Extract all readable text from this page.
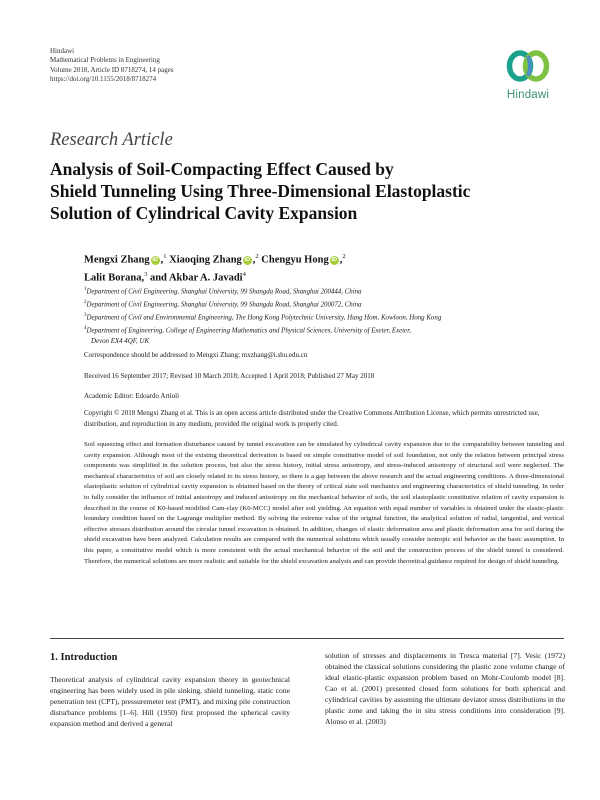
Hindawi
Mathematical Problems in Engineering
Volume 2018, Article ID 8718274, 14 pages
https://doi.org/10.1155/2018/8718274
Hindawi
Research Article
Analysis of Soil-Compacting Effect Caused by
Shield Tunneling Using Three-Dimensional Elastoplastic
Solution of Cylindrical Cavity Expansion
Mengxi Zhang iD ,$^1$ Xiaoqing Zhang iD ,$^2$ Chengyu Hong iD ,$^2$
Lalit Borana,$^3$ and Akbar A. Javadi$^4$
$^1$Department of Civil Engineering, Shanghai University, 99 Shangda Road, Shanghai 200444, China
$^2$Department of Civil Engineering, Shanghai University, 99 Shangda Road, Shanghai 200072, China
$^3$Department of Civil and Environmental Engineering, The Hong Kong Polytechnic University, Hung Hom, Kowloon, Hong Kong
$^4$Department of Engineering, College of Engineering Mathematics and Physical Sciences, University of Exeter, Exeter,
Devon EX4 4QF, UK
Correspondence should be addressed to Mengxi Zhang; mxzhang@i.shu.edu.cn
Received 16 September 2017; Revised 10 March 2018; Accepted 1 April 2018; Published 27 May 2018
Academic Editor: Edoardo Artioli
Copyright © 2018 Mengxi Zhang et al. This is an open access article distributed under the Creative Commons Attribution License, which permits unrestricted use, distribution, and reproduction in any medium, provided the original work is properly cited.
Soil squeezing effect and formation disturbance caused by tunnel excavation can be simulated by cylindrical cavity expansion due to the comparability between tunneling and cavity expansion. Although most of the existing theoretical derivation is based on simple constitutive model of soil foundation, not only the relation between principal stress components was simplified in the solution process, but also the stress history, initial stress anisotropy, and stress-induced anisotropy of structural soil were neglected. The mechanical characteristics of soil are closely related to its stress history, so there is a gap between the above research and the actual engineering conditions. A three-dimensional elastoplastic solution of cylindrical cavity expansion is obtained based on the theory of critical state soil mechanics and engineering characteristics of shield tunneling. In order to fully consider the influence of initial anisotropy and induced anisotropy on the mechanical behavior of soils, the soil elastoplastic constitutive relation of cavity expansion is described in the course of K0-based modified Cam-clay (K0-MCC) model after soil yielding. An equation with equal number of variables is obtained under the elastic-plastic boundary condition based on the Lagrange multiplier method. By solving the extreme value of the original function, the analytical solution of radial, tangential, and vertical effective stresses distribution around the circular tunnel excavation is obtained. In addition, changes of elastic deformation area and plastic deformation area for soil during the shield excavation have been analyzed. Calculation results are compared with the numerical solutions which usually consider isotropic soil behavior as the basic assumption. In this paper, a constitutive model which is more consistent with the actual mechanical behavior of the soil and the construction process of the shield tunnel is considered. Therefore, the numerical solutions are more realistic and suitable for the shield excavation analysis and can provide theoretical guidance required for design of shield tunneling.
1. Introduction
Theoretical analysis of cylindrical cavity expansion theory in geotechnical engineering has been widely used in pile sinking, shield tunneling, static cone penetration test (CPT), pressuremeter test (PMT), and mixing pile construction disturbance problems [1–6]. Hill (1950) first proposed the spherical cavity expansion method and derived a general
solution of stresses and displacements in Tresca material [7]. Vesic (1972) obtained the classical solutions considering the plastic zone volume change of ideal elastic-plastic expansion problem based on Mohr-Coulomb model [8]. Cao et al. (2001) presented closed form solutions for both spherical and cylindrical cavities by assuming the ultimate deviator stress distributions in the plastic zone and taking the in situ stress conditions into consideration [9]. Alonso et al. (2003)
